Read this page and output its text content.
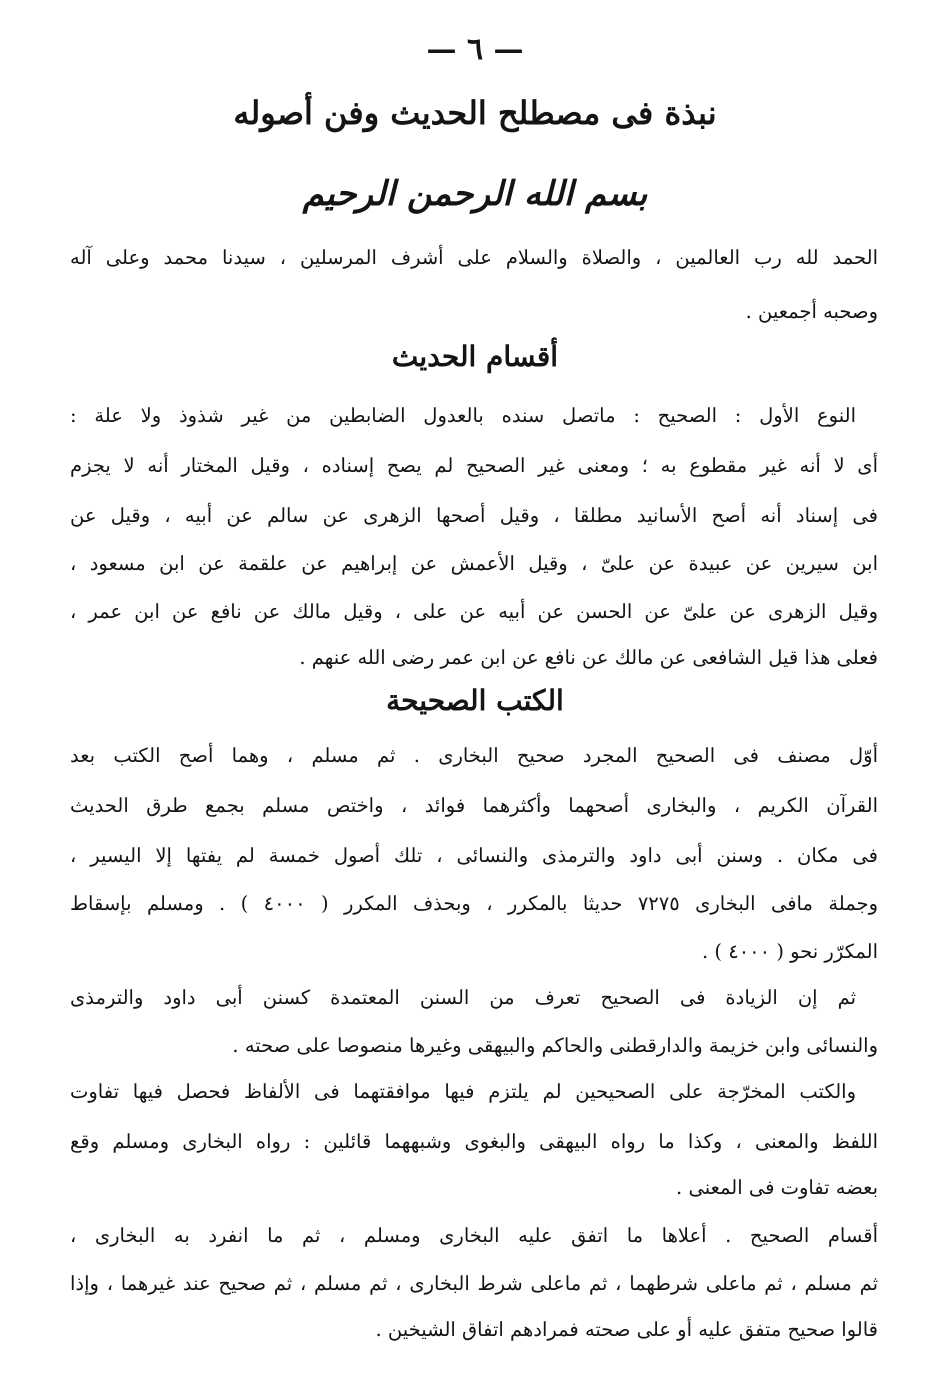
— ٦ —
نبذة فى مصطلح الحديث وفن أصوله
بسم الله الرحمن الرحيم
الحمد لله رب العالمين ، والصلاة والسلام على أشرف المرسلين ، سيدنا محمد وعلى آله
وصحبه أجمعين .
أقسام الحديث
النوع الأول : الصحيح : ماتصل سنده بالعدول الضابطين من غير شذوذ ولا علة :
أى لا أنه غير مقطوع به ؛ ومعنى غير الصحيح لم يصح إسناده ، وقيل المختار أنه لا يجزم
فى إسناد أنه أصح الأسانيد مطلقا ، وقيل أصحها الزهرى عن سالم عن أبيه ، وقيل عن
ابن سيرين عن عبيدة عن علىّ ، وقيل الأعمش عن إبراهيم عن علقمة عن ابن مسعود ،
وقيل الزهرى عن علىّ عن الحسن عن أبيه عن على ، وقيل مالك عن نافع عن ابن عمر ،
فعلى هذا قيل الشافعى عن مالك عن نافع عن ابن عمر رضى الله عنهم .
الكتب الصحيحة
أوّل مصنف فى الصحيح المجرد صحيح البخارى . ثم مسلم ، وهما أصح الكتب بعد
القرآن الكريم ، والبخارى أصحهما وأكثرهما فوائد ، واختص مسلم بجمع طرق الحديث
فى مكان . وسنن أبى داود والترمذى والنسائى ، تلك أصول خمسة لم يفتها إلا اليسير ،
وجملة مافى البخارى ٧٢٧٥ حديثا بالمكرر ، وبحذف المكرر ( ٤٠٠٠ ) . ومسلم بإسقاط
المكرّر نحو ( ٤٠٠٠ ) .
ثم إن الزيادة فى الصحيح تعرف من السنن المعتمدة كسنن أبى داود والترمذى
والنسائى وابن خزيمة والدارقطنى والحاكم والبيهقى وغيرها منصوصا على صحته .
والكتب المخرّجة على الصحيحين لم يلتزم فيها موافقتهما فى الألفاظ فحصل فيها تفاوت
اللفظ والمعنى ، وكذا ما رواه البيهقى والبغوى وشبههما قائلين : رواه البخارى ومسلم وقع
بعضه تفاوت فى المعنى .
أقسام الصحيح . أعلاها ما اتفق عليه البخارى ومسلم ، ثم ما انفرد به البخارى ،
ثم مسلم ، ثم ماعلى شرطهما ، ثم ماعلى شرط البخارى ، ثم مسلم ، ثم صحيح عند غيرهما ، وإذا
قالوا صحيح متفق عليه أو على صحته فمرادهم اتفاق الشيخين .
